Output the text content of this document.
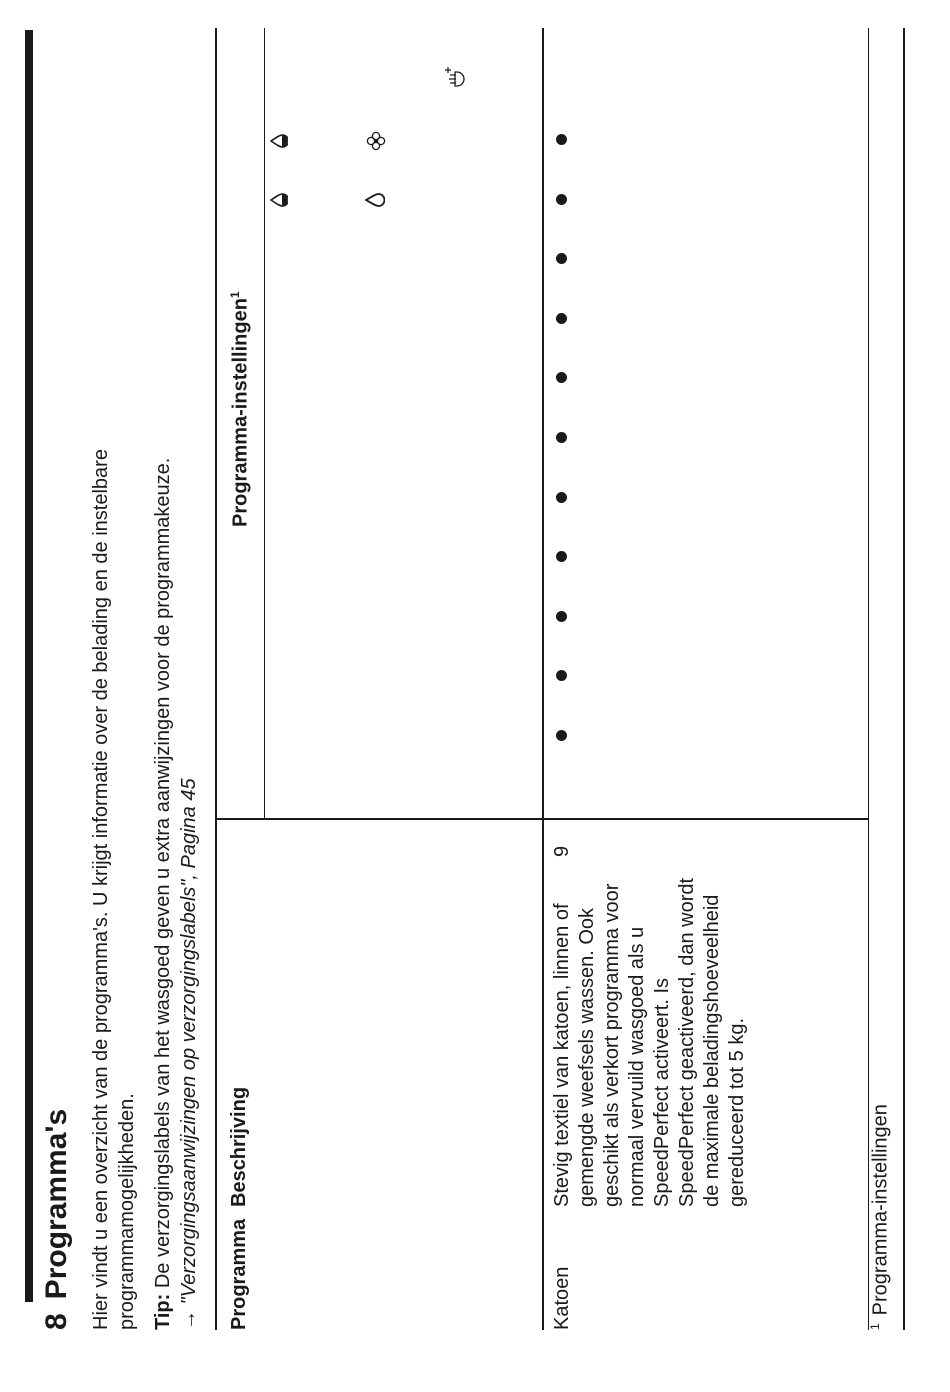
8Programma's Hier vindt u een overzicht van de programma's. U krijgt informatie over de belading en de instelbare programmamogelijkheden. Tip: De verzorgingslabels van het wasgoed geven u extra aanwijzingen voor de programmakeuze.
→ "Verzorgingsaanwijzingen op verzorgingslabels", Pagina 45
Programma
Beschrijving
Programma-instellingen$^1$
Katoen
Stevig textiel van katoen, linnen of gemengde weefsels wassen. Ook geschikt als verkort programma voor normaal vervuild wasgoed als u SpeedPerfect activeert. Is SpeedPerfect geactiveerd, dan wordt de maximale beladingshoeveelheid gereduceerd tot 5 kg.
9
$^1$Programma-instellingen
